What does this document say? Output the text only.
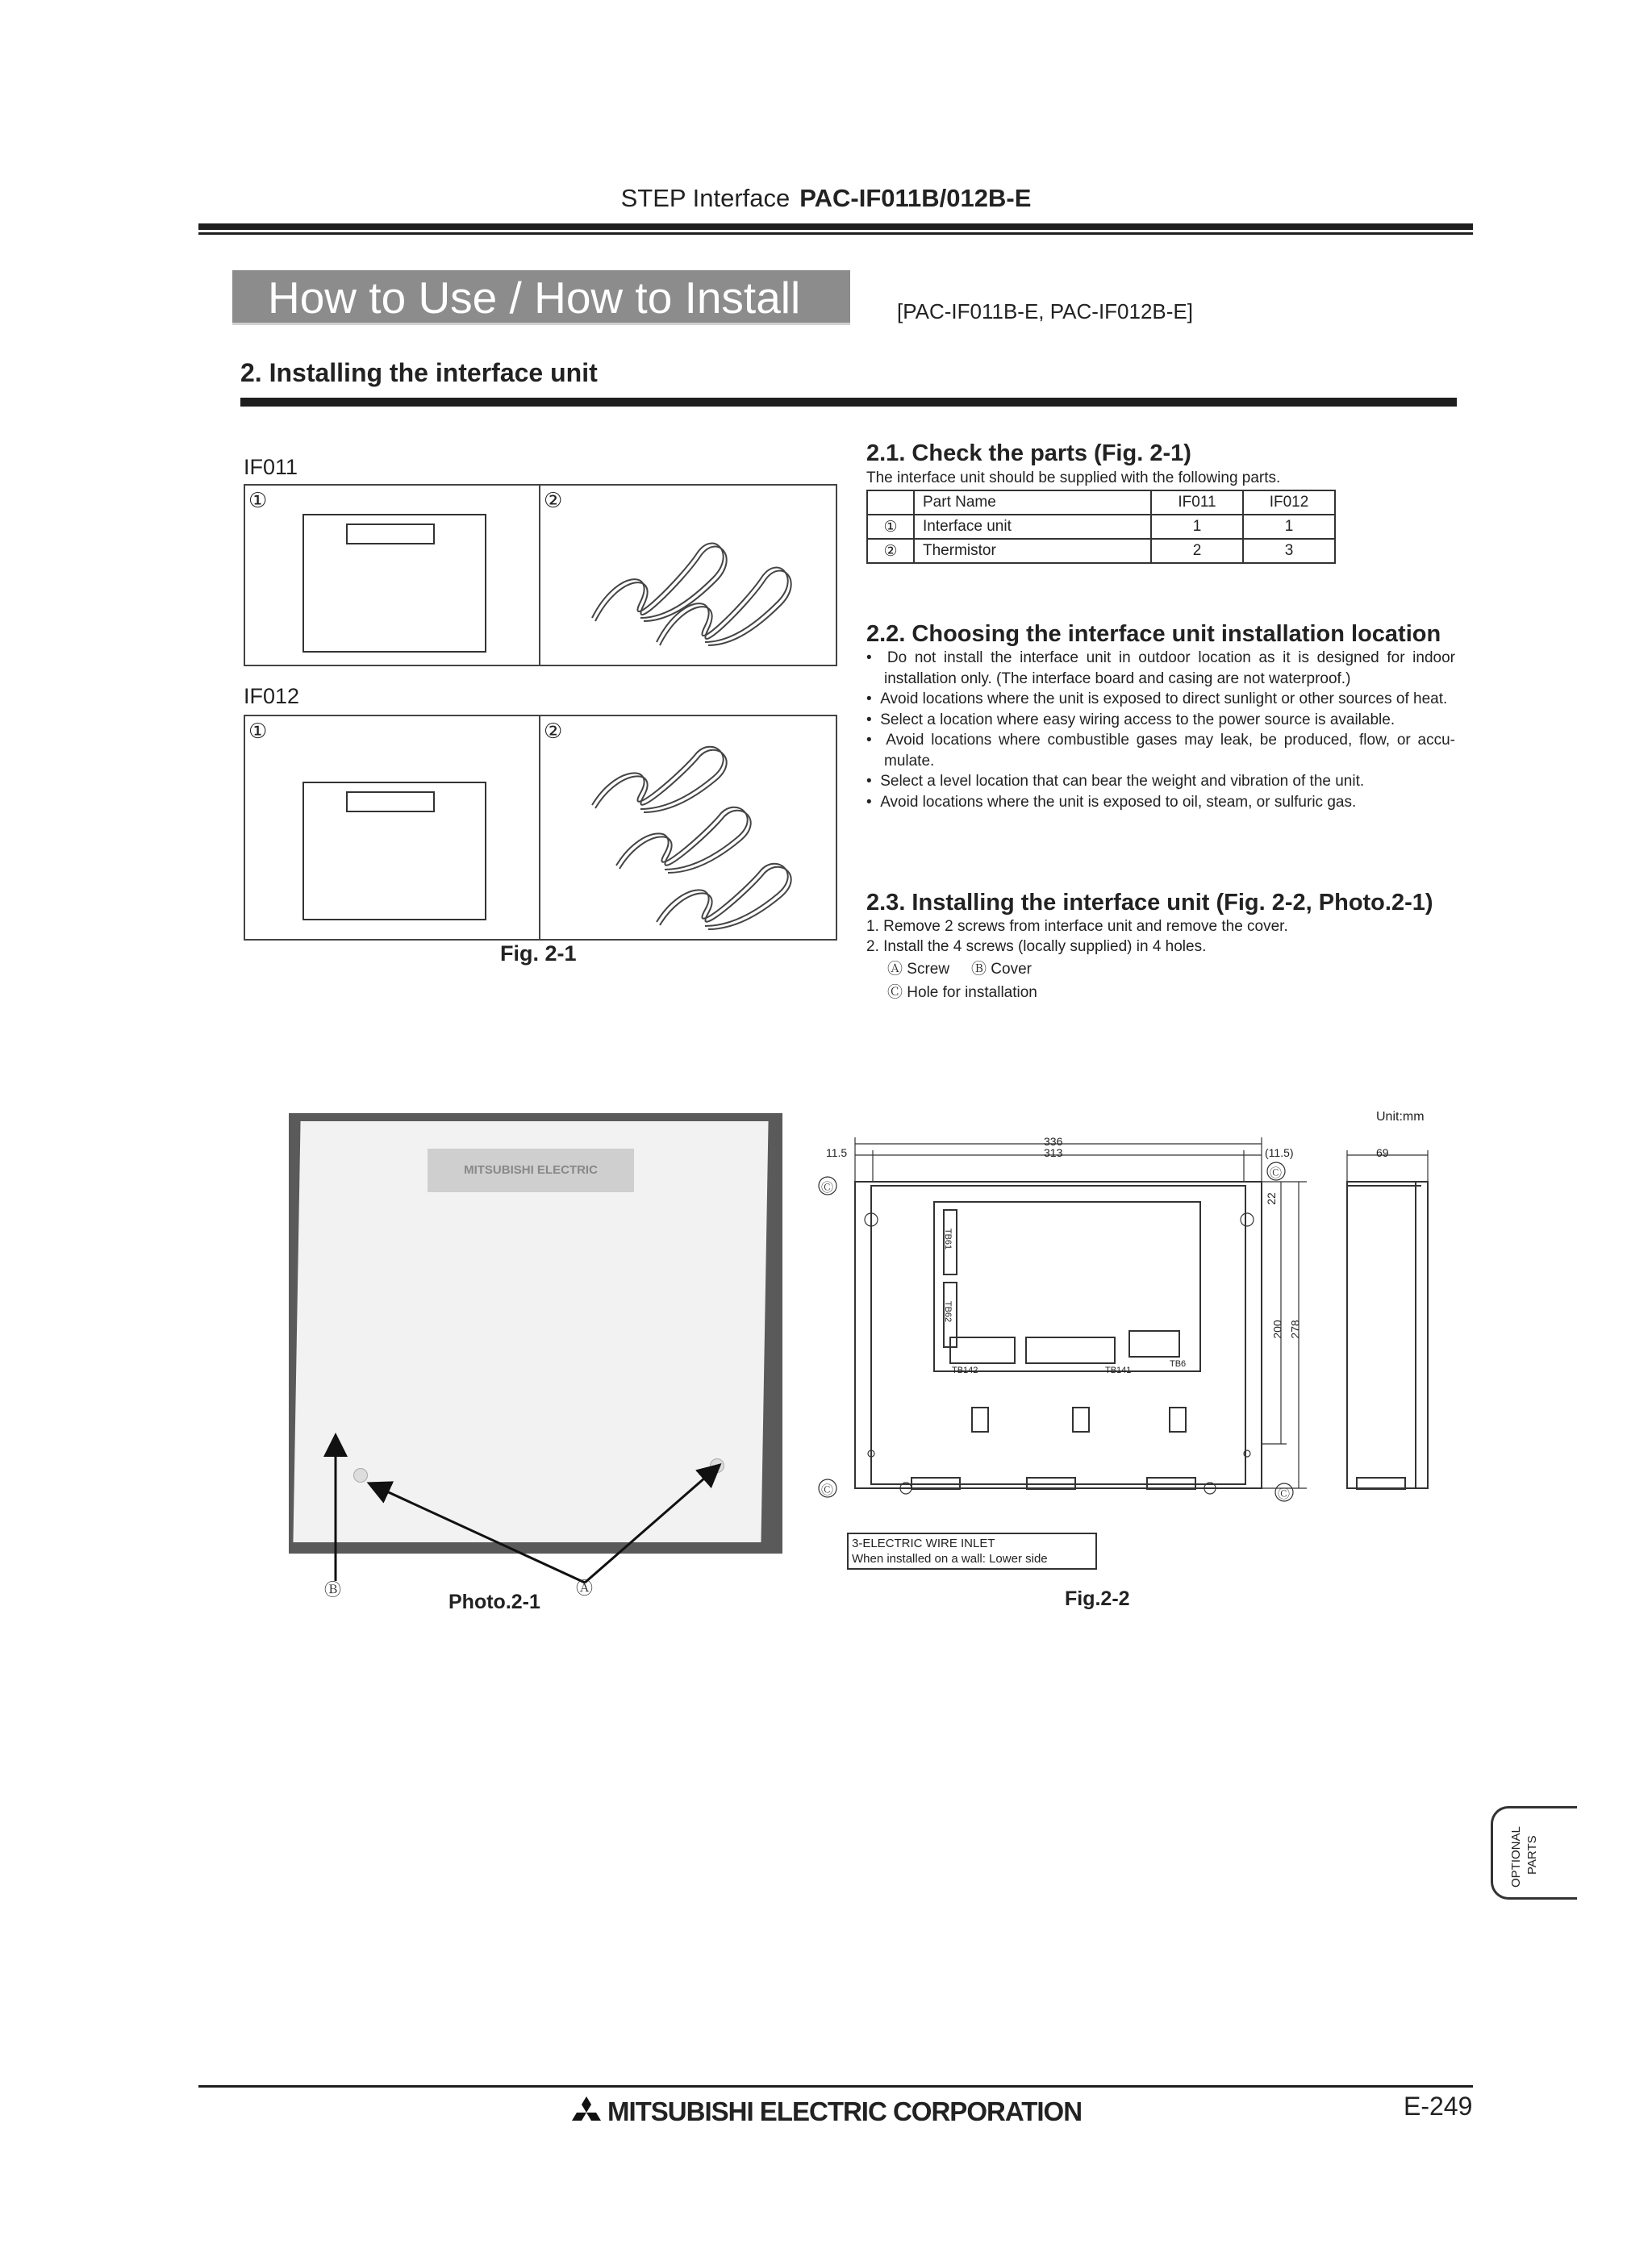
STEP Interface PAC-IF011B/012B-E
How to Use / How to Install	[PAC-IF011B-E, PAC-IF012B-E]
2. Installing the interface unit
IF011
①	②
IF012
①	②
Fig. 2-1
2.1. Check the parts (Fig. 2-1)
The interface unit should be supplied with the following parts.
	Part Name	IF011	IF012
①	Interface unit	1	1
②	Thermistor	2	3
2.2. Choosing the interface unit installation location
•  Do not install the interface unit in outdoor location as it is designed for indoor installation only. (The interface board and casing are not waterproof.)
•  Avoid locations where the unit is exposed to direct sunlight or other sources of heat.
•  Select a location where easy wiring access to the power source is available.
•  Avoid locations where combustible gases may leak, be produced, flow, or accu-mulate.
•  Select a level location that can bear the weight and vibration of the unit.
•  Avoid locations where the unit is exposed to oil, steam, or sulfuric gas.
2.3. Installing the interface unit (Fig. 2-2, Photo.2-1)
1. Remove 2 screws from interface unit and remove the cover.
2. Install the 4 screws (locally supplied) in 4 holes.
Ⓐ Screw Ⓑ Cover
Ⓒ Hole for installation
MITSUBISHI ELECTRIC
Ⓑ	Ⓐ
Photo.2-1
Unit:mm
336
313
11.5	(11.5)	69
200 278
22
Ⓒ
Ⓒ
Ⓒ	Ⓒ
TB61
TB62
TB142	TB141
TB6
3-ELECTRIC WIRE INLET
When installed on a wall: Lower side
Fig.2-2
OPTIONAL PARTS
MITSUBISHI ELECTRIC CORPORATION	E-249
